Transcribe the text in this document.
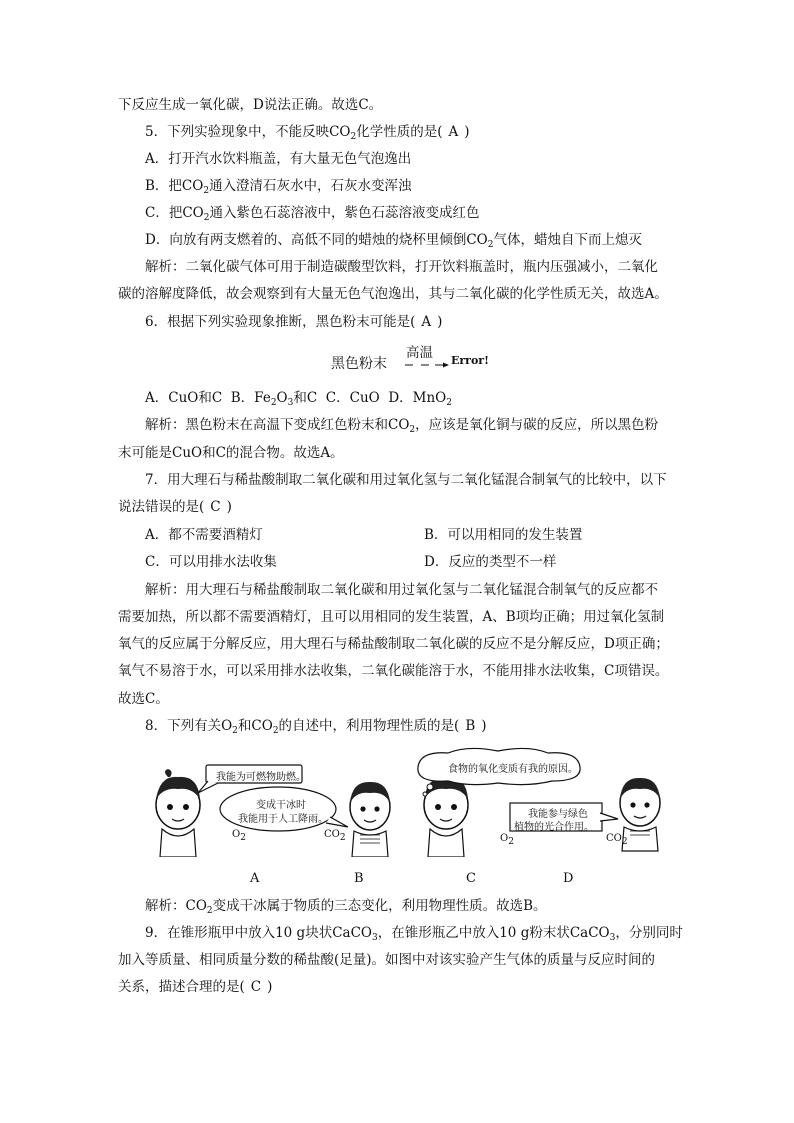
下反应生成一氧化碳，D说法正确。故选C。
5．下列实验现象中，不能反映$CO_2$化学性质的是( A )
A．打开汽水饮料瓶盖，有大量无色气泡逸出
B．把$CO_2$通入澄清石灰水中，石灰水变浑浊
C．把$CO_2$通入紫色石蕊溶液中，紫色石蕊溶液变成红色
D．向放有两支燃着的、高低不同的蜡烛的烧杯里倾倒$CO_2$气体，蜡烛自下而上熄灭
解析：二氧化碳气体可用于制造碳酸型饮料，打开饮料瓶盖时，瓶内压强减小，二氧化
碳的溶解度降低，故会观察到有大量无色气泡逸出，其与二氧化碳的化学性质无关，故选A。
6．根据下列实验现象推断，黑色粉末可能是( A )
黑色粉末
高温 Error!
A．CuO和C B．$Fe_2O_3$和C C．CuO D．MnO$_2$
解析：黑色粉末在高温下变成红色粉末和$CO_2$，应该是氧化铜与碳的反应，所以黑色粉
末可能是CuO和C的混合物。故选A。
7．用大理石与稀盐酸制取二氧化碳和用过氧化氢与二氧化锰混合制氧气的比较中，以下
说法错误的是( C )
A．都不需要酒精灯	B．可以用相同的发生装置
C．可以用排水法收集	D．反应的类型不一样
解析：用大理石与稀盐酸制取二氧化碳和用过氧化氢与二氧化锰混合制氧气的反应都不
需要加热，所以都不需要酒精灯，且可以用相同的发生装置，A、B项均正确；用过氧化氢制
氧气的反应属于分解反应，用大理石与稀盐酸制取二氧化碳的反应不是分解反应，D项正确；
氧气不易溶于水，可以采用排水法收集，二氧化碳能溶于水，不能用排水法收集，C项错误。
故选C。
8．下列有关$O_2$和$CO_2$的自述中，利用物理性质的是( B )
我能为可燃物助燃。
变成干冰时
我能用于人工降雨。
食物的氧化变质有我的原因。
我能参与绿色
植物的光合作用。
$O_2$	$CO_2$	$O_2$	$CO_2$
A	B	C	D
解析：$CO_2$变成干冰属于物质的三态变化，利用物理性质。故选B。
9．在锥形瓶甲中放入10 g块状CaCO$_3$，在锥形瓶乙中放入10 g粉末状CaCO$_3$，分别同时
加入等质量、相同质量分数的稀盐酸(足量)。如图中对该实验产生气体的质量与反应时间的
关系，描述合理的是( C )
